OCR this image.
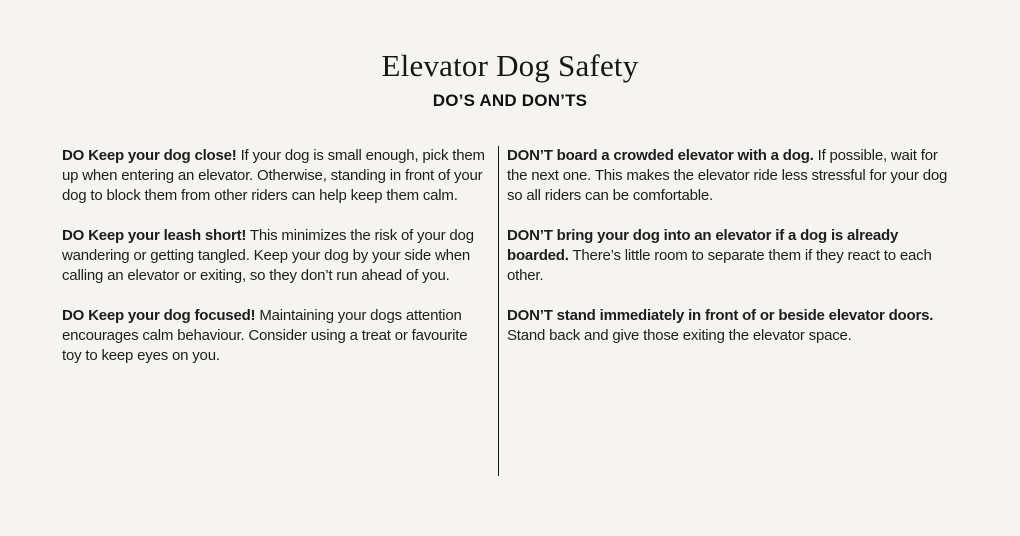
Elevator Dog Safety
DO’S AND DON’TS

DO Keep your dog close! If your dog is small enough, pick them up when entering an elevator. Otherwise, standing in front of your dog to block them from other riders can help keep them calm.

DO Keep your leash short! This minimizes the risk of your dog wandering or getting tangled. Keep your dog by your side when calling an elevator or exiting, so they don’t run ahead of you.

DO Keep your dog focused! Maintaining your dogs attention encourages calm behaviour. Consider using a treat or favourite toy to keep eyes on you.

DON’T board a crowded elevator with a dog. If possible, wait for the next one. This makes the elevator ride less stressful for your dog so all riders can be comfortable.

DON’T bring your dog into an elevator if a dog is already boarded. There’s little room to separate them if they react to each other.

DON’T stand immediately in front of or beside elevator doors. Stand back and give those exiting the elevator space.
